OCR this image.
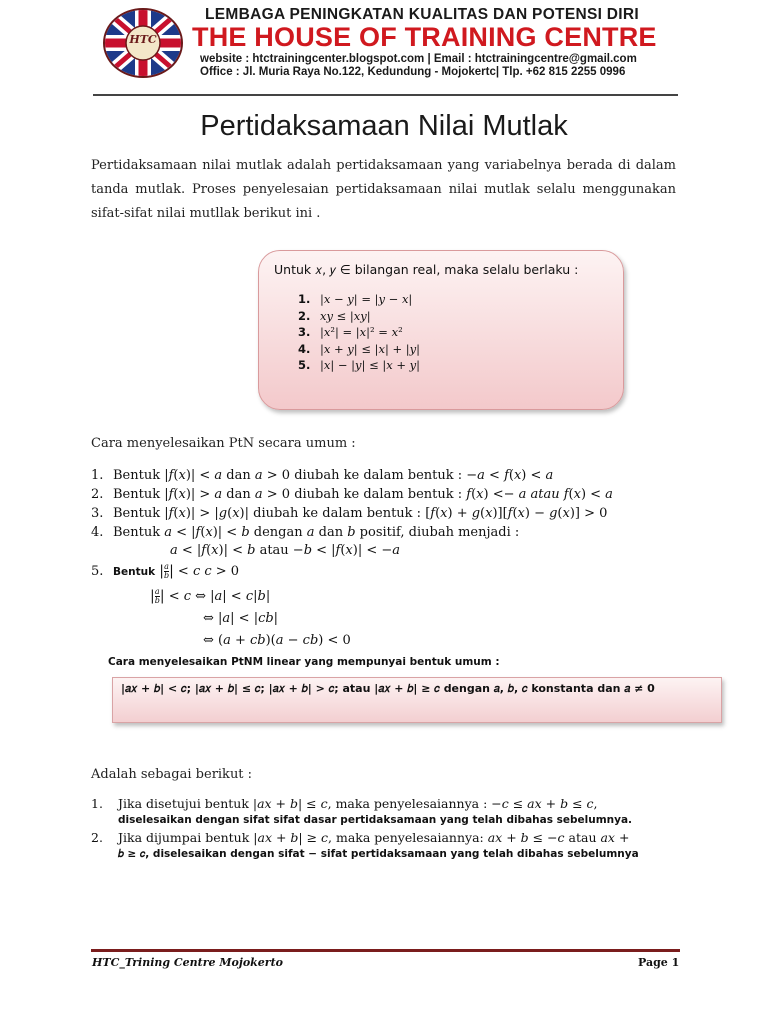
HTC
LEMBAGA PENINGKATAN KUALITAS DAN POTENSI DIRI
THE HOUSE OF TRAINING CENTRE
website : htctrainingcenter.blogspot.com | Email : htctrainingcentre@gmail.com
Office : Jl. Muria Raya No.122, Kedundung - Mojokertc| Tlp. +62 815 2255 0996
Pertidaksamaan Nilai Mutlak
Pertidaksamaan nilai mutlak adalah pertidaksamaan yang variabelnya berada di dalam tanda mutlak. Proses penyelesaian pertidaksamaan nilai mutlak selalu menggunakan sifat-sifat nilai mutllak berikut ini .
Untuk 𝑥, 𝑦 ∈ bilangan real, maka selalu berlaku :
1. |𝑥 − 𝑦| = |𝑦 − 𝑥|
2. 𝑥𝑦 ≤ |𝑥𝑦|
3. |𝑥²| = |𝑥|² = 𝑥²
4. |𝑥 + 𝑦| ≤ |𝑥| + |𝑦|
5. |𝑥| − |𝑦| ≤ |𝑥 + 𝑦|
Cara menyelesaikan PtN secara umum :
1. Bentuk |𝑓(𝑥)| < 𝑎 dan 𝑎 > 0 diubah ke dalam bentuk : −𝑎 < 𝑓(𝑥) < 𝑎
2. Bentuk |𝑓(𝑥)| > 𝑎 dan 𝑎 > 0 diubah ke dalam bentuk : 𝑓(𝑥) <− 𝑎 𝑎𝑡𝑎𝑢 𝑓(𝑥) < 𝑎
3. Bentuk |𝑓(𝑥)| > |𝑔(𝑥)| diubah ke dalam bentuk : [𝑓(𝑥) + 𝑔(𝑥)][𝑓(𝑥) − 𝑔(𝑥)] > 0
4. Bentuk 𝑎 < |𝑓(𝑥)| < 𝑏 dengan 𝑎 dan 𝑏 positif, diubah menjadi :
𝑎 < |𝑓(𝑥)| < 𝑏 atau −𝑏 < |𝑓(𝑥)| < −𝑎
5. Bentuk $|\frac{\text{𝑎}}{\text{𝑏}}|$ < 𝑐 𝑐 > 0
$|\frac{\text{𝑎}}{\text{𝑏}}|$ < 𝑐 ⇔ |𝑎| < 𝑐|𝑏|
⇔ |𝑎| < |𝑐𝑏|
⇔ (𝑎 + 𝑐𝑏)(𝑎 − 𝑐𝑏) < 0
Cara menyelesaikan PtNM linear yang mempunyai bentuk umum :
|𝑎𝑥 + 𝑏| < 𝑐; |𝑎𝑥 + 𝑏| ≤ 𝑐; |𝑎𝑥 + 𝑏| > 𝑐; atau |𝑎𝑥 + 𝑏| ≥ 𝑐 dengan 𝑎, 𝑏, 𝑐 konstanta dan 𝑎 ≠ 0
Adalah sebagai berikut :
1. Jika disetujui bentuk |𝑎𝑥 + 𝑏| ≤ 𝑐, maka penyelesaiannya : −𝑐 ≤ 𝑎𝑥 + 𝑏 ≤ 𝑐,
diselesaikan dengan sifat sifat dasar pertidaksamaan yang telah dibahas sebelumnya.
2. Jika dijumpai bentuk |𝑎𝑥 + 𝑏| ≥ 𝑐, maka penyelesaiannya: 𝑎𝑥 + 𝑏 ≤ −𝑐 atau 𝑎𝑥 +
𝑏 ≥ 𝑐, diselesaikan dengan sifat − sifat pertidaksamaan yang telah dibahas sebelumnya
HTC_Trining Centre Mojokerto	Page 1
